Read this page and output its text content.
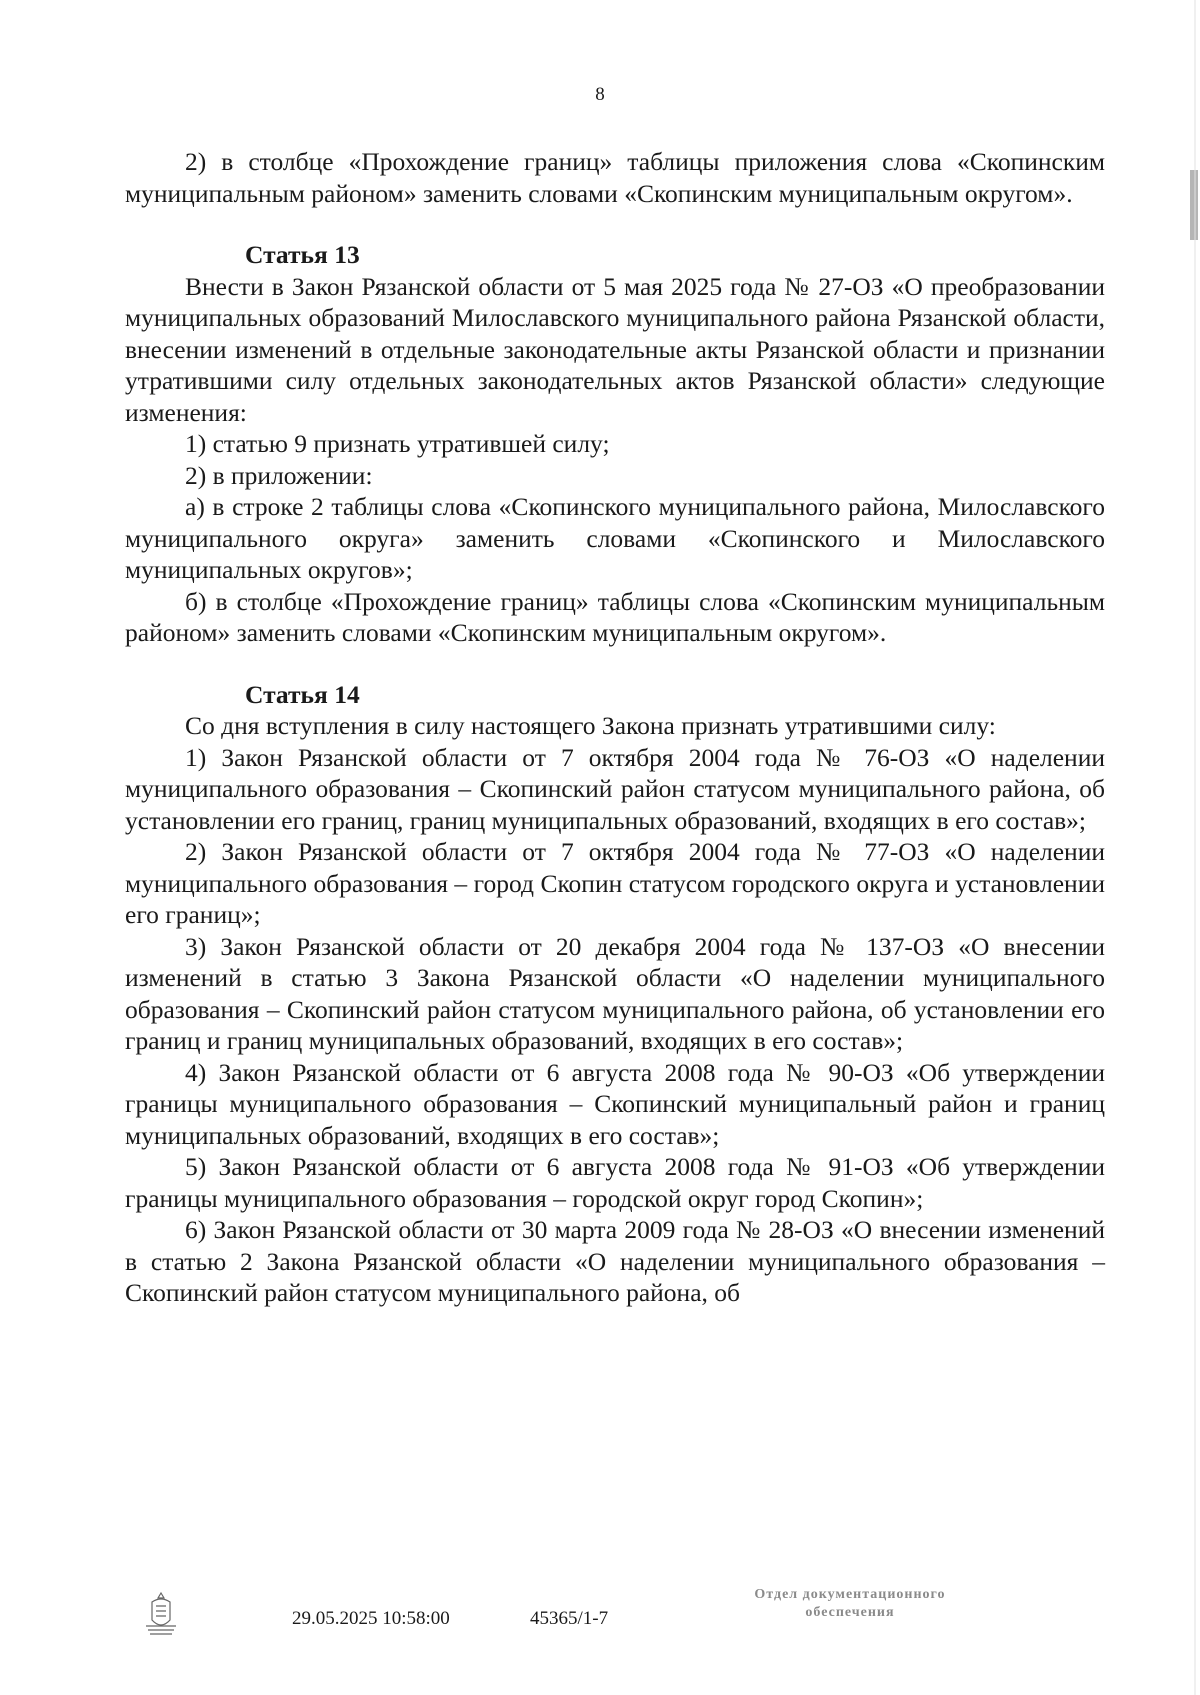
8

2) в столбце «Прохождение границ» таблицы приложения слова «Скопинским муниципальным районом» заменить словами «Скопинским муниципальным округом».

Статья 13

Внести в Закон Рязанской области от 5 мая 2025 года № 27-ОЗ «О преобразовании муниципальных образований Милославского муниципального района Рязанской области, внесении изменений в отдельные законодательные акты Рязанской области и признании утратившими силу отдельных законодательных актов Рязанской области» следующие изменения:

1) статью 9 признать утратившей силу;

2) в приложении:

а) в строке 2 таблицы слова «Скопинского муниципального района, Милославского муниципального округа» заменить словами «Скопинского и Милославского муниципальных округов»;

б) в столбце «Прохождение границ» таблицы слова «Скопинским муниципальным районом» заменить словами «Скопинским муниципальным округом».

Статья 14

Со дня вступления в силу настоящего Закона признать утратившими силу:

1) Закон Рязанской области от 7 октября 2004 года № 76-ОЗ «О наделении муниципального образования – Скопинский район статусом муниципального района, об установлении его границ, границ муниципальных образований, входящих в его состав»;

2) Закон Рязанской области от 7 октября 2004 года № 77-ОЗ «О наделении муниципального образования – город Скопин статусом городского округа и установлении его границ»;

3) Закон Рязанской области от 20 декабря 2004 года № 137-ОЗ «О внесении изменений в статью 3 Закона Рязанской области «О наделении муниципального образования – Скопинский район статусом муниципального района, об установлении его границ и границ муниципальных образований, входящих в его состав»;

4) Закон Рязанской области от 6 августа 2008 года № 90-ОЗ «Об утверждении границы муниципального образования – Скопинский муниципальный район и границ муниципальных образований, входящих в его состав»;

5) Закон Рязанской области от 6 августа 2008 года № 91-ОЗ «Об утверждении границы муниципального образования – городской округ город Скопин»;

6) Закон Рязанской области от 30 марта 2009 года № 28-ОЗ «О внесении изменений в статью 2 Закона Рязанской области «О наделении муниципального образования – Скопинский район статусом муниципального района, об

29.05.2025 10:58:00	45365/1-7
Отдел документационного
обеспечения
